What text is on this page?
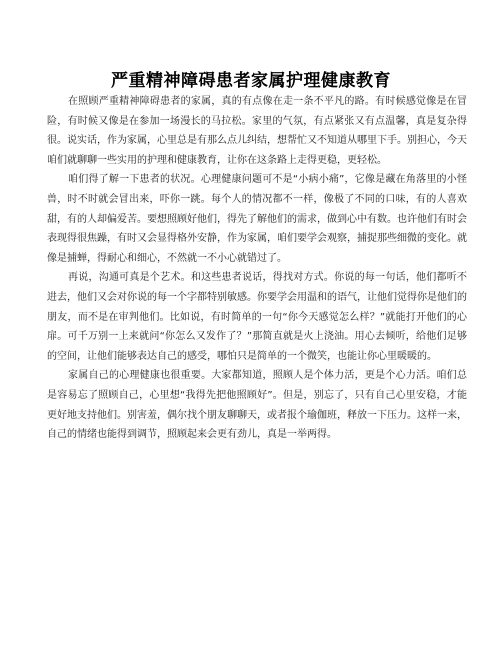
严重精神障碍患者家属护理健康教育

在照顾严重精神障碍患者的家属，真的有点像在走一条不平凡的路。有时候感觉像是在冒险，有时候又像是在参加一场漫长的马拉松。家里的气氛，有点紧张又有点温馨，真是复杂得很。说实话，作为家属，心里总是有那么点儿纠结，想帮忙又不知道从哪里下手。别担心，今天咱们就聊聊一些实用的护理和健康教育，让你在这条路上走得更稳，更轻松。

咱们得了解一下患者的状况。心理健康问题可不是“小病小痛”，它像是藏在角落里的小怪兽，时不时就会冒出来，吓你一跳。每个人的情况都不一样，像极了不同的口味，有的人喜欢甜，有的人却偏爱苦。要想照顾好他们，得先了解他们的需求，做到心中有数。也许他们有时会表现得很焦躁，有时又会显得格外安静，作为家属，咱们要学会观察，捕捉那些细微的变化。就像是捕蝉，得耐心和细心，不然就一不小心就错过了。

再说，沟通可真是个艺术。和这些患者说话，得找对方式。你说的每一句话，他们都听不进去，他们又会对你说的每一个字都特别敏感。你要学会用温和的语气，让他们觉得你是他们的朋友，而不是在审判他们。比如说，有时简单的一句“你今天感觉怎么样？”就能打开他们的心扉。可千万别一上来就问“你怎么又发作了？”那简直就是火上浇油。用心去倾听，给他们足够的空间，让他们能够表达自己的感受，哪怕只是简单的一个微笑，也能让你心里暖暖的。

家属自己的心理健康也很重要。大家都知道，照顾人是个体力活，更是个心力活。咱们总是容易忘了照顾自己，心里想“我得先把他照顾好”。但是，别忘了，只有自己心里安稳，才能更好地支持他们。别害羞，偶尔找个朋友聊聊天，或者报个瑜伽班，释放一下压力。这样一来，自己的情绪也能得到调节，照顾起来会更有劲儿，真是一举两得。
